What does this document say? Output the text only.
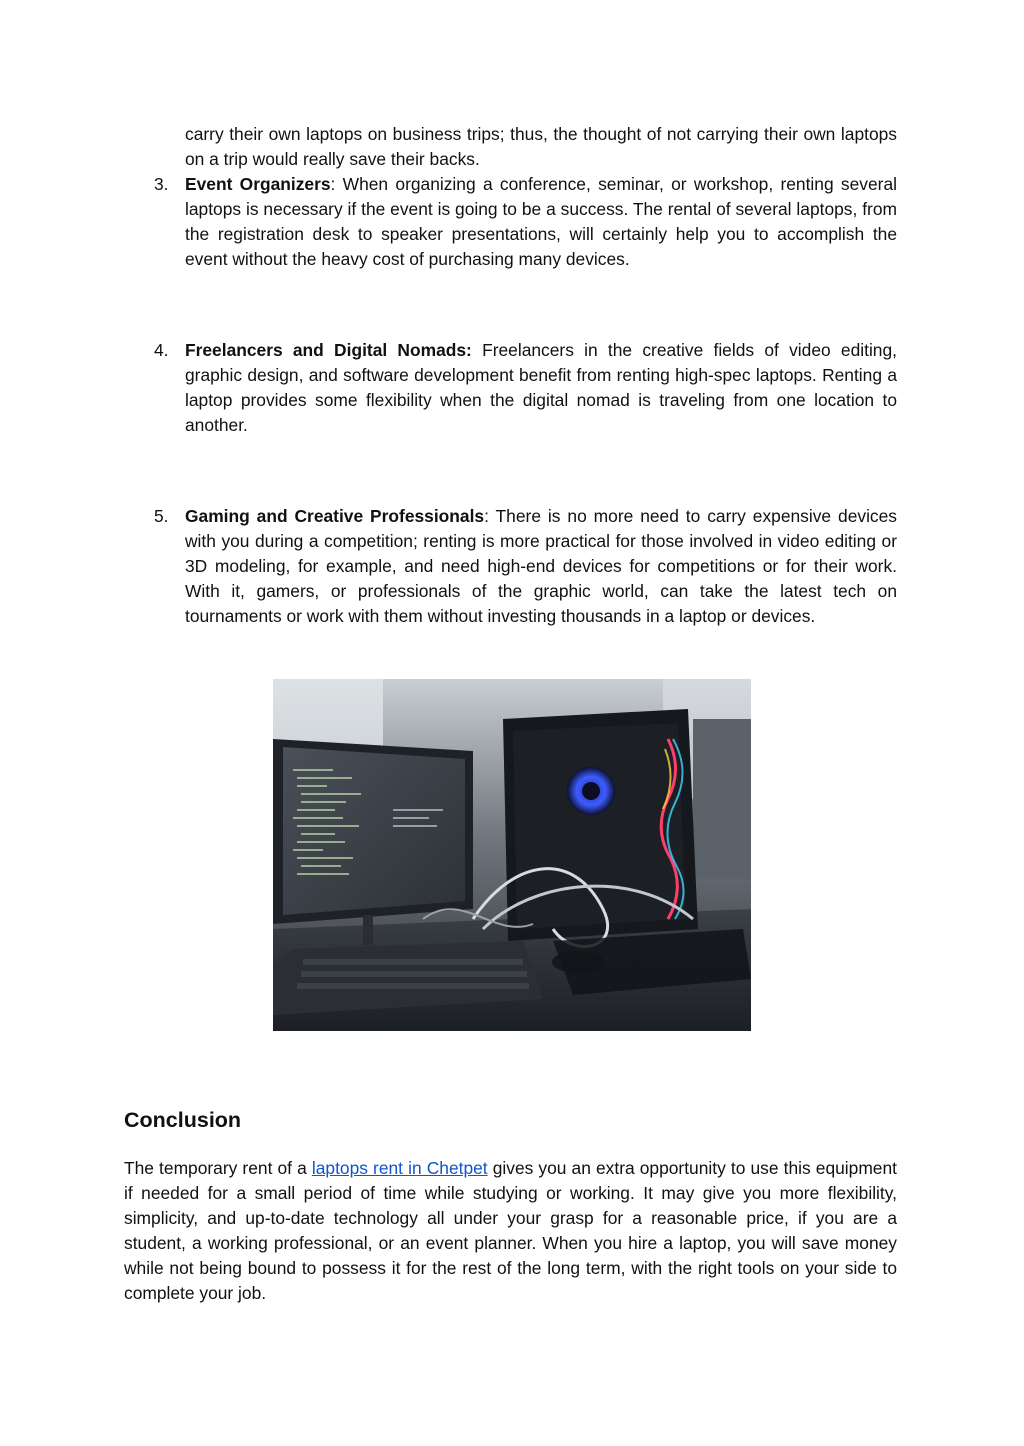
carry their own laptops on business trips; thus, the thought of not carrying their own laptops on a trip would really save their backs.
3. Event Organizers: When organizing a conference, seminar, or workshop, renting several laptops is necessary if the event is going to be a success. The rental of several laptops, from the registration desk to speaker presentations, will certainly help you to accomplish the event without the heavy cost of purchasing many devices.
4. Freelancers and Digital Nomads: Freelancers in the creative fields of video editing, graphic design, and software development benefit from renting high-spec laptops. Renting a laptop provides some flexibility when the digital nomad is traveling from one location to another.
5. Gaming and Creative Professionals: There is no more need to carry expensive devices with you during a competition; renting is more practical for those involved in video editing or 3D modeling, for example, and need high-end devices for competitions or for their work. With it, gamers, or professionals of the graphic world, can take the latest tech on tournaments or work with them without investing thousands in a laptop or devices.
Conclusion
The temporary rent of a laptops rent in Chetpet gives you an extra opportunity to use this equipment if needed for a small period of time while studying or working. It may give you more flexibility, simplicity, and up-to-date technology all under your grasp for a reasonable price, if you are a student, a working professional, or an event planner. When you hire a laptop, you will save money while not being bound to possess it for the rest of the long term, with the right tools on your side to complete your job.
